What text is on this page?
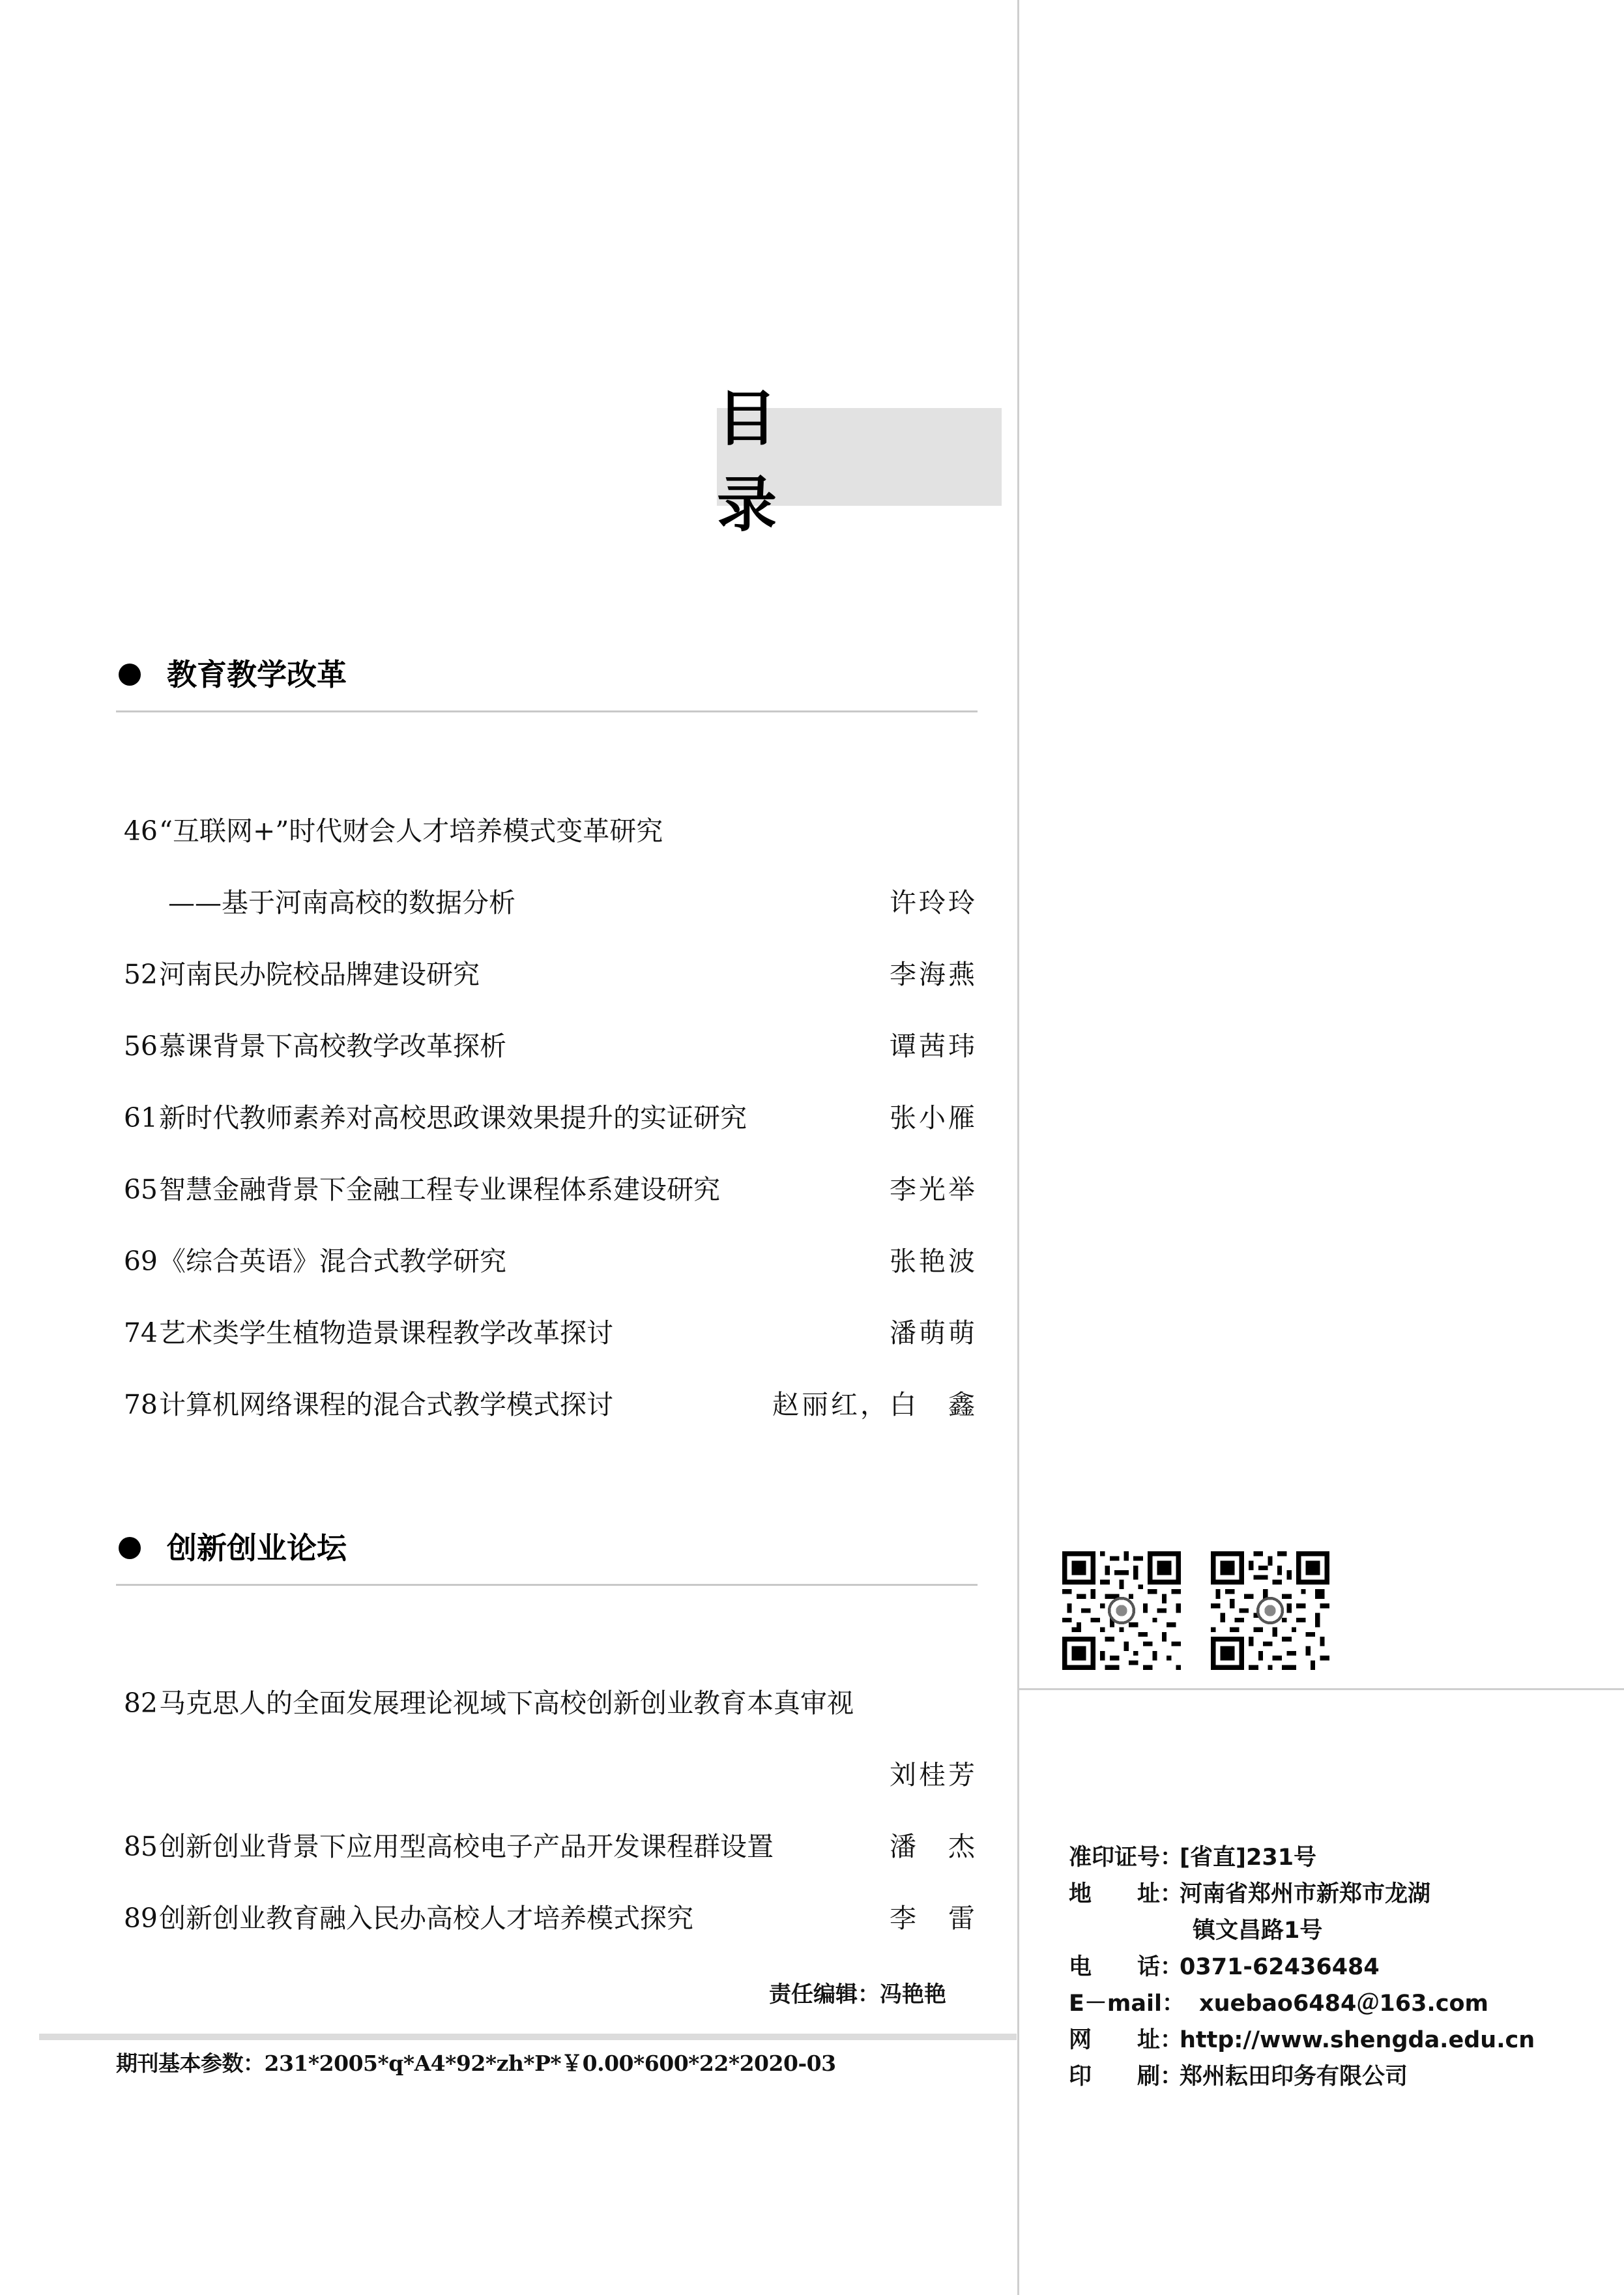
目 录
教育教学改革
46 “互联网+”时代财会人才培养模式变革研究
——基于河南高校的数据分析	许玲玲
52 河南民办院校品牌建设研究	李海燕
56 慕课背景下高校教学改革探析	谭茜玮
61 新时代教师素养对高校思政课效果提升的实证研究	张小雁
65 智慧金融背景下金融工程专业课程体系建设研究	李光举
69 《综合英语》混合式教学研究	张艳波
74 艺术类学生植物造景课程教学改革探讨	潘萌萌
78 计算机网络课程的混合式教学模式探讨	赵丽红，白　鑫
创新创业论坛
82 马克思人的全面发展理论视域下高校创新创业教育本真审视
刘桂芳
85 创新创业背景下应用型高校电子产品开发课程群设置	潘　杰
89 创新创业教育融入民办高校人才培养模式探究	李　雷
责任编辑：冯艳艳
期刊基本参数：231*2005*q*A4*92*zh*P*￥0.00*600*22*2020-03
准印证号：
[省直]231号
地　　址：
河南省郑州市新郑市龙湖
镇文昌路1号
电　　话：
0371-62436484
E－mail： xuebao6484＠163.com
网　　址：
http://www.shengda.edu.cn
印　　刷：
郑州耘田印务有限公司
